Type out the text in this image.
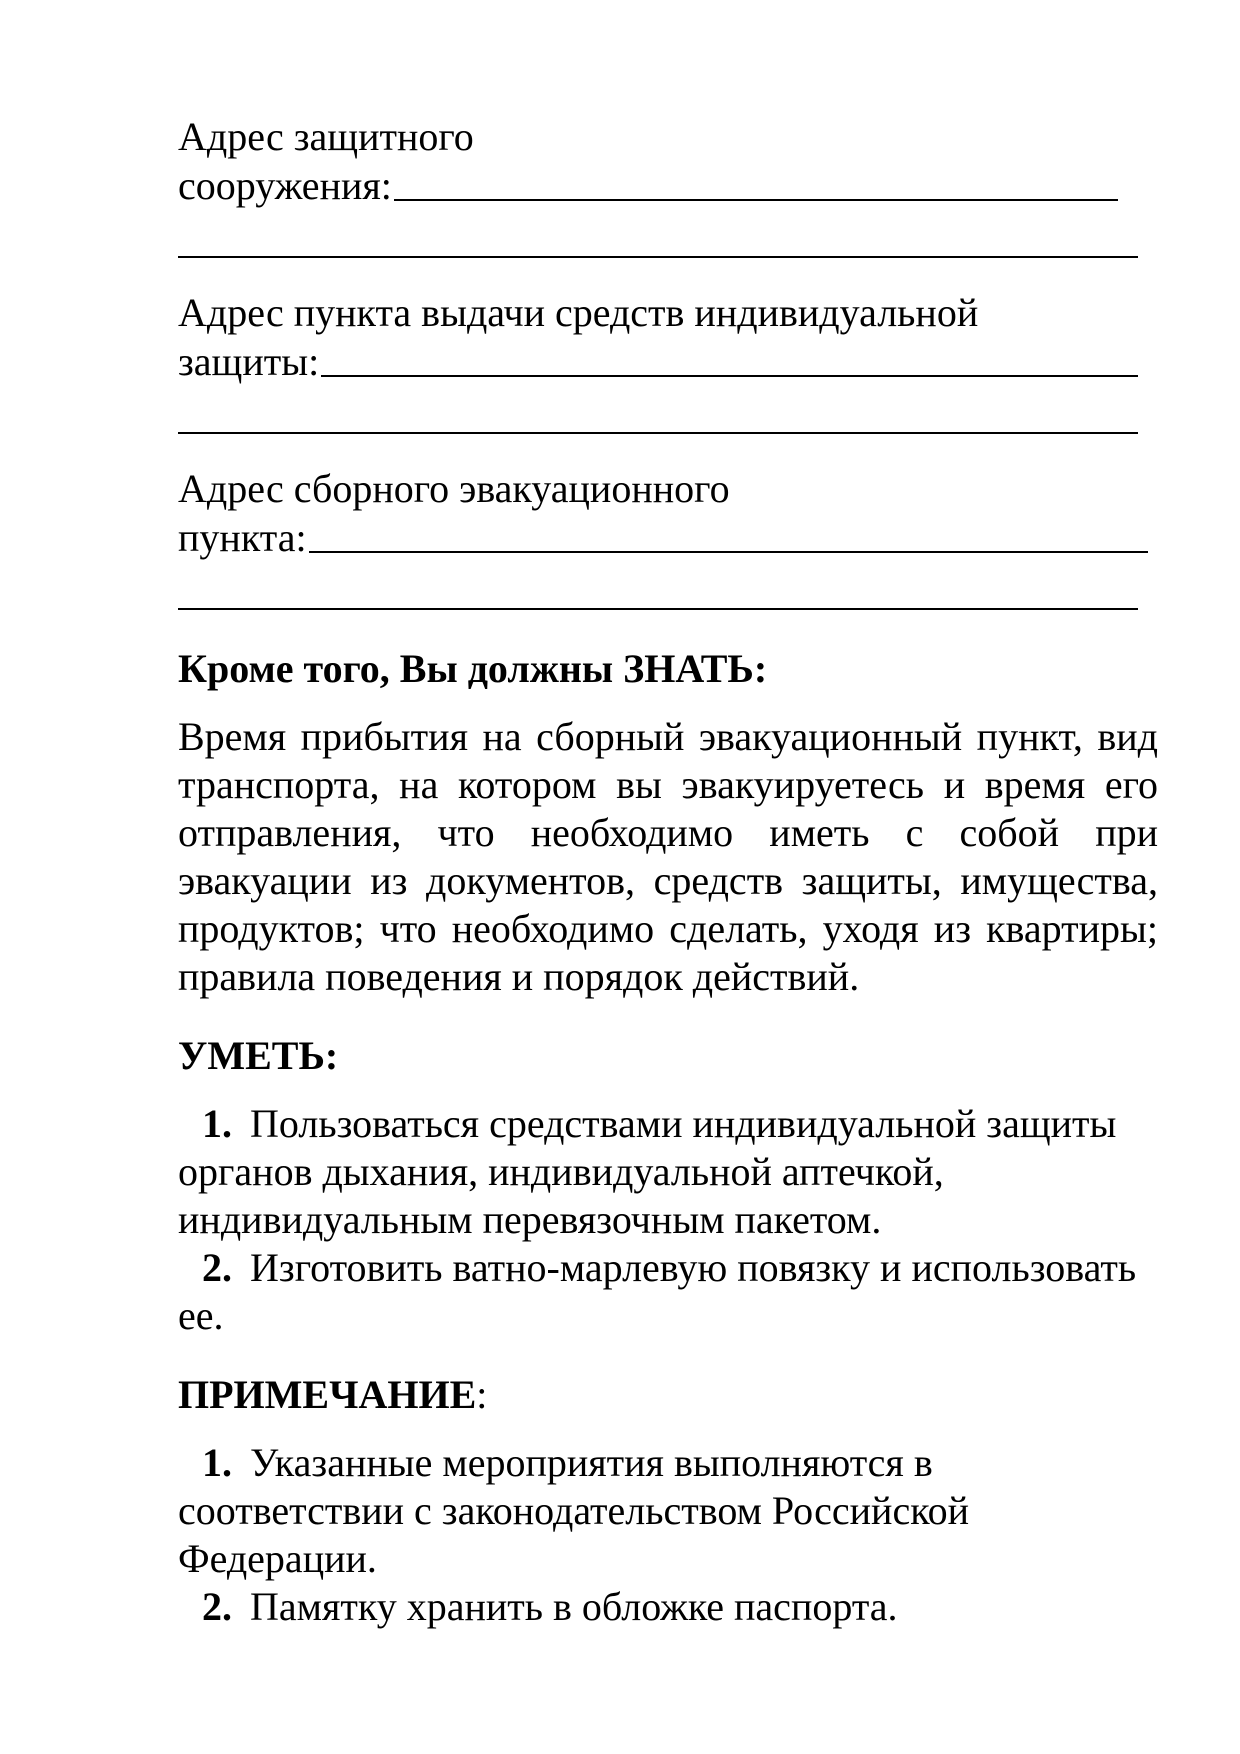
Адрес защитного
сооружения:
Адрес пункта выдачи средств индивидуальной
защиты:
Адрес сборного эвакуационного
пункта:
Кроме того, Вы должны ЗНАТЬ:
Время прибытия на сборный эвакуационный пункт, вид транспорта, на котором вы эвакуируетесь и время его отправления, что необходимо иметь с собой при эвакуации из документов, средств защиты, имущества, продуктов; что необходимо сделать, уходя из квартиры; правила поведения и порядок действий.
УМЕТЬ:
1. Пользоваться средствами индивидуальной защиты органов дыхания, индивидуальной аптечкой, индивидуальным перевязочным пакетом.
2. Изготовить ватно-марлевую повязку и использовать ее.
ПРИМЕЧАНИЕ:
1. Указанные мероприятия выполняются в соответствии с законодательством Российской Федерации.
2. Памятку хранить в обложке паспорта.
